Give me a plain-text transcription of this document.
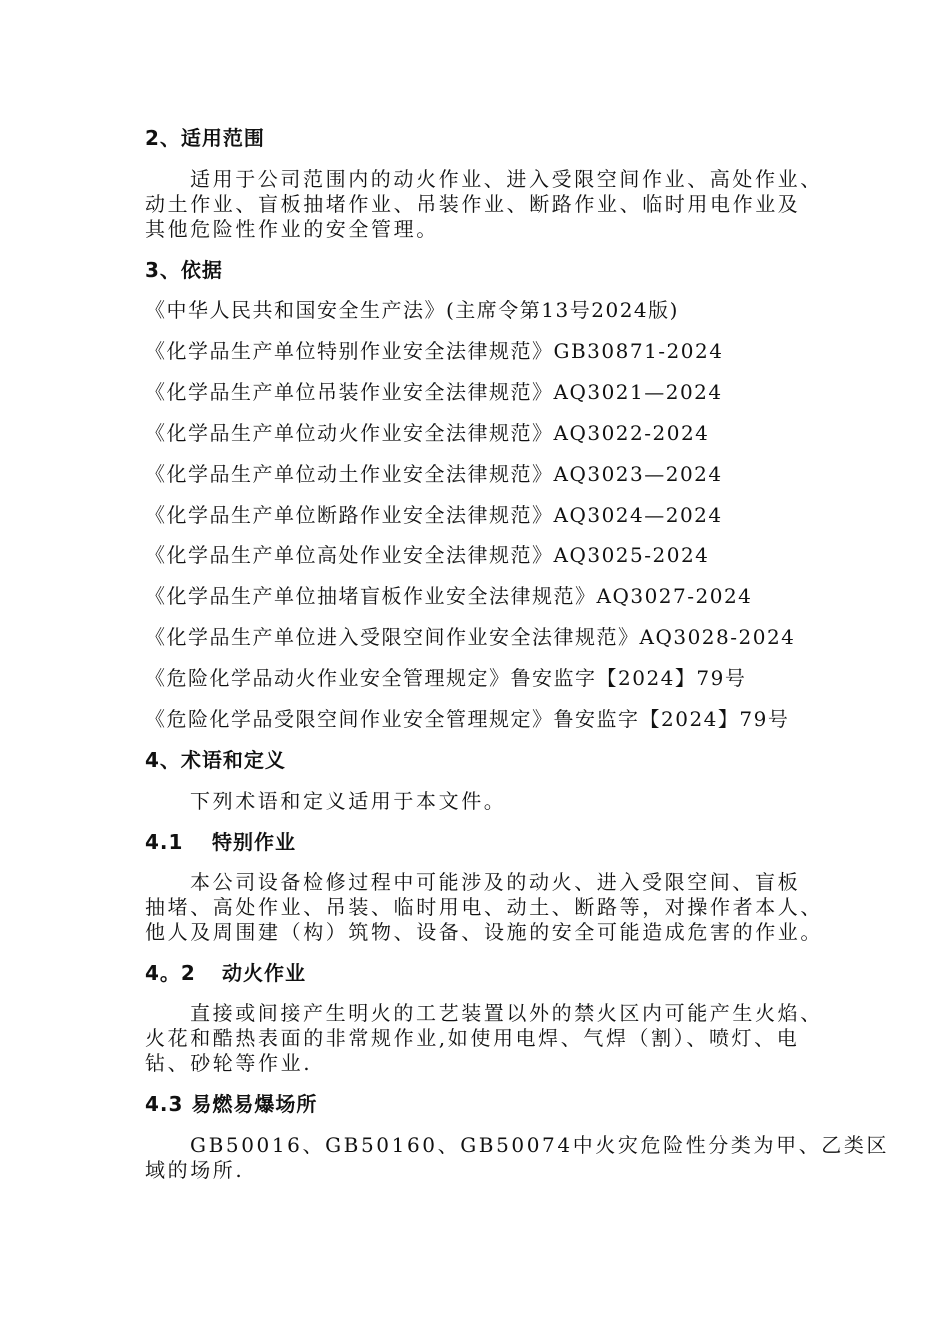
2、适用范围
适用于公司范围内的动火作业、进入受限空间作业、高处作业、
动土作业、盲板抽堵作业、吊装作业、断路作业、临时用电作业及
其他危险性作业的安全管理。
3、依据
《中华人民共和国安全生产法》(主席令第13号2024版)
《化学品生产单位特别作业安全法律规范》GB30871-2024
《化学品生产单位吊装作业安全法律规范》AQ3021—2024
《化学品生产单位动火作业安全法律规范》AQ3022-2024
《化学品生产单位动土作业安全法律规范》AQ3023—2024
《化学品生产单位断路作业安全法律规范》AQ3024—2024
《化学品生产单位高处作业安全法律规范》AQ3025-2024
《化学品生产单位抽堵盲板作业安全法律规范》AQ3027-2024
《化学品生产单位进入受限空间作业安全法律规范》AQ3028-2024
《危险化学品动火作业安全管理规定》鲁安监字【2024】79号
《危险化学品受限空间作业安全管理规定》鲁安监字【2024】79号
4、术语和定义
下列术语和定义适用于本文件。
4.1 特别作业
本公司设备检修过程中可能涉及的动火、进入受限空间、盲板
抽堵、高处作业、吊装、临时用电、动土、断路等，对操作者本人、
他人及周围建（构）筑物、设备、设施的安全可能造成危害的作业。
4。2 动火作业
直接或间接产生明火的工艺装置以外的禁火区内可能产生火焰、
火花和酷热表面的非常规作业,如使用电焊、气焊（割）、喷灯、电
钻、砂轮等作业.
4.3 易燃易爆场所
GB50016、GB50160、GB50074中火灾危险性分类为甲、乙类区
域的场所.
